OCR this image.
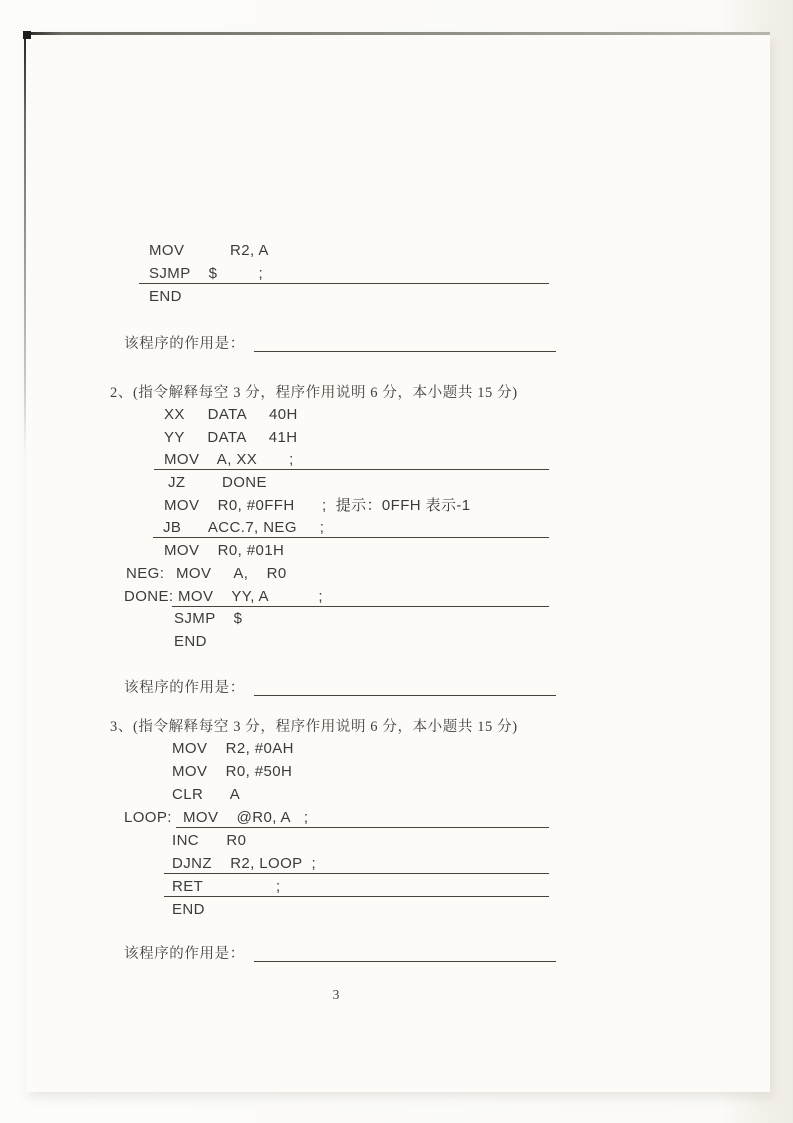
MOV          R2, A
SJMP    $         ;
END
该程序的作用是：
2、(指令解释每空 3 分，程序作用说明 6 分，本小题共 15 分)
XX     DATA     40H
YY     DATA     41H
MOV    A, XX       ;
JZ        DONE
MOV    R0, #0FFH      ;  提示：0FFH 表示-1
JB      ACC.7, NEG     ;
MOV    R0, #01H
NEG: MOV     A,    R0
DONE: MOV    YY, A           ;
SJMP    $
END
该程序的作用是：
3、(指令解释每空 3 分，程序作用说明 6 分，本小题共 15 分)
MOV    R2, #0AH
MOV    R0, #50H
CLR      A
LOOP: MOV    @R0, A   ;
INC      R0
DJNZ    R2, LOOP  ;
RET                ;
END
该程序的作用是：
3
